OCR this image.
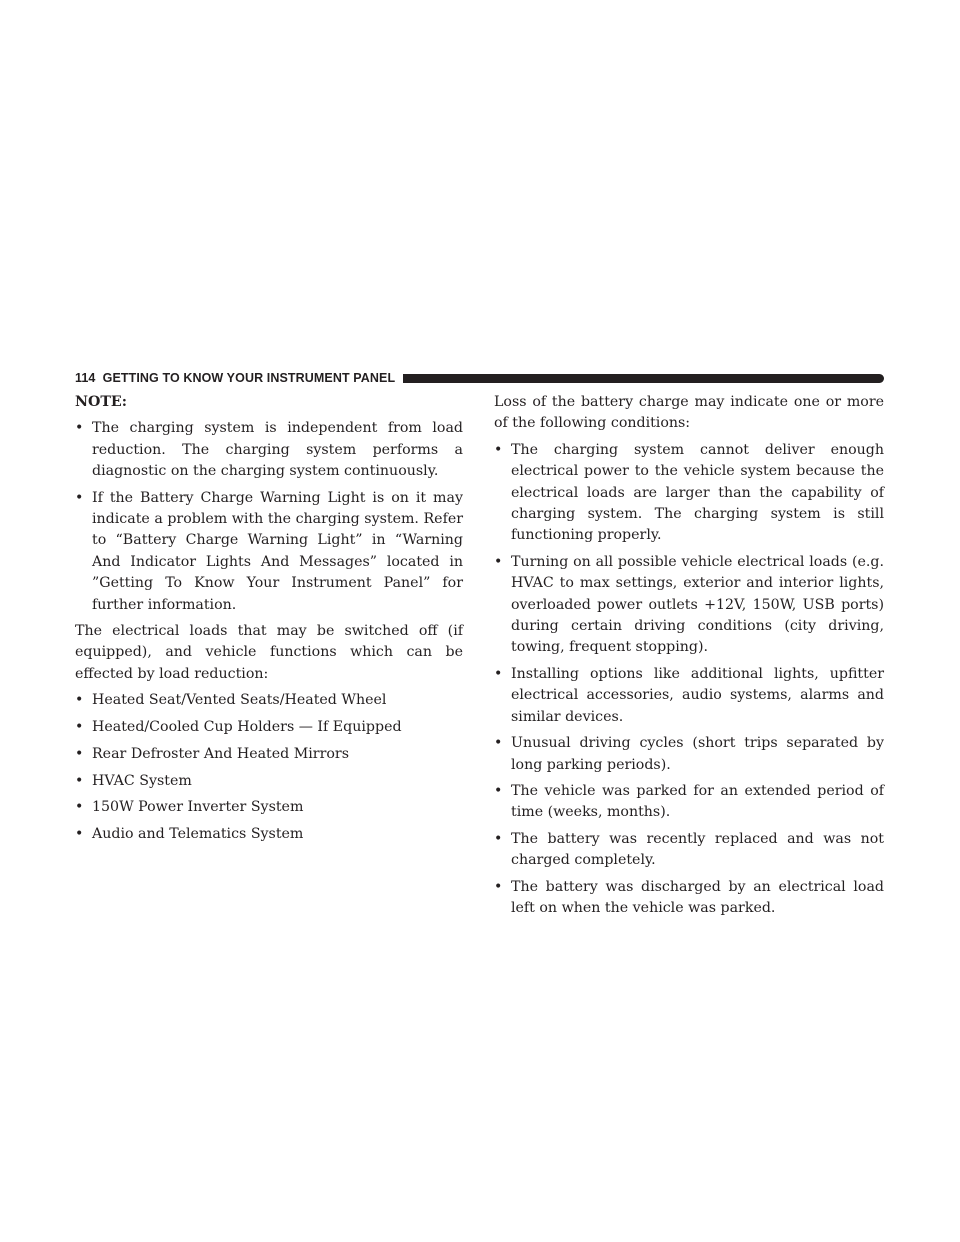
114 GETTING TO KNOW YOUR INSTRUMENT PANEL
NOTE:
• The charging system is independent from load reduction. The charging system performs a diagnostic on the charging system continuously.
• If the Battery Charge Warning Light is on it may indicate a problem with the charging system. Refer to “Battery Charge Warning Light” in “Warning And Indicator Lights And Messages” located in ”Getting To Know Your Instrument Panel” for further information.

The electrical loads that may be switched off (if equipped), and vehicle functions which can be effected by load reduction:

• Heated Seat/Vented Seats/Heated Wheel
• Heated/Cooled Cup Holders — If Equipped
• Rear Defroster And Heated Mirrors
• HVAC System
• 150W Power Inverter System
• Audio and Telematics System

Loss of the battery charge may indicate one or more of the following conditions:

• The charging system cannot deliver enough electrical power to the vehicle system because the electrical loads are larger than the capability of charging system. The charging system is still functioning properly.
• Turning on all possible vehicle electrical loads (e.g. HVAC to max settings, exterior and interior lights, overloaded power outlets +12V, 150W, USB ports) during certain driving conditions (city driving, towing, frequent stopping).
• Installing options like additional lights, upfitter electrical accessories, audio systems, alarms and similar devices.
• Unusual driving cycles (short trips separated by long parking periods).
• The vehicle was parked for an extended period of time (weeks, months).
• The battery was recently replaced and was not charged completely.
• The battery was discharged by an electrical load left on when the vehicle was parked.
